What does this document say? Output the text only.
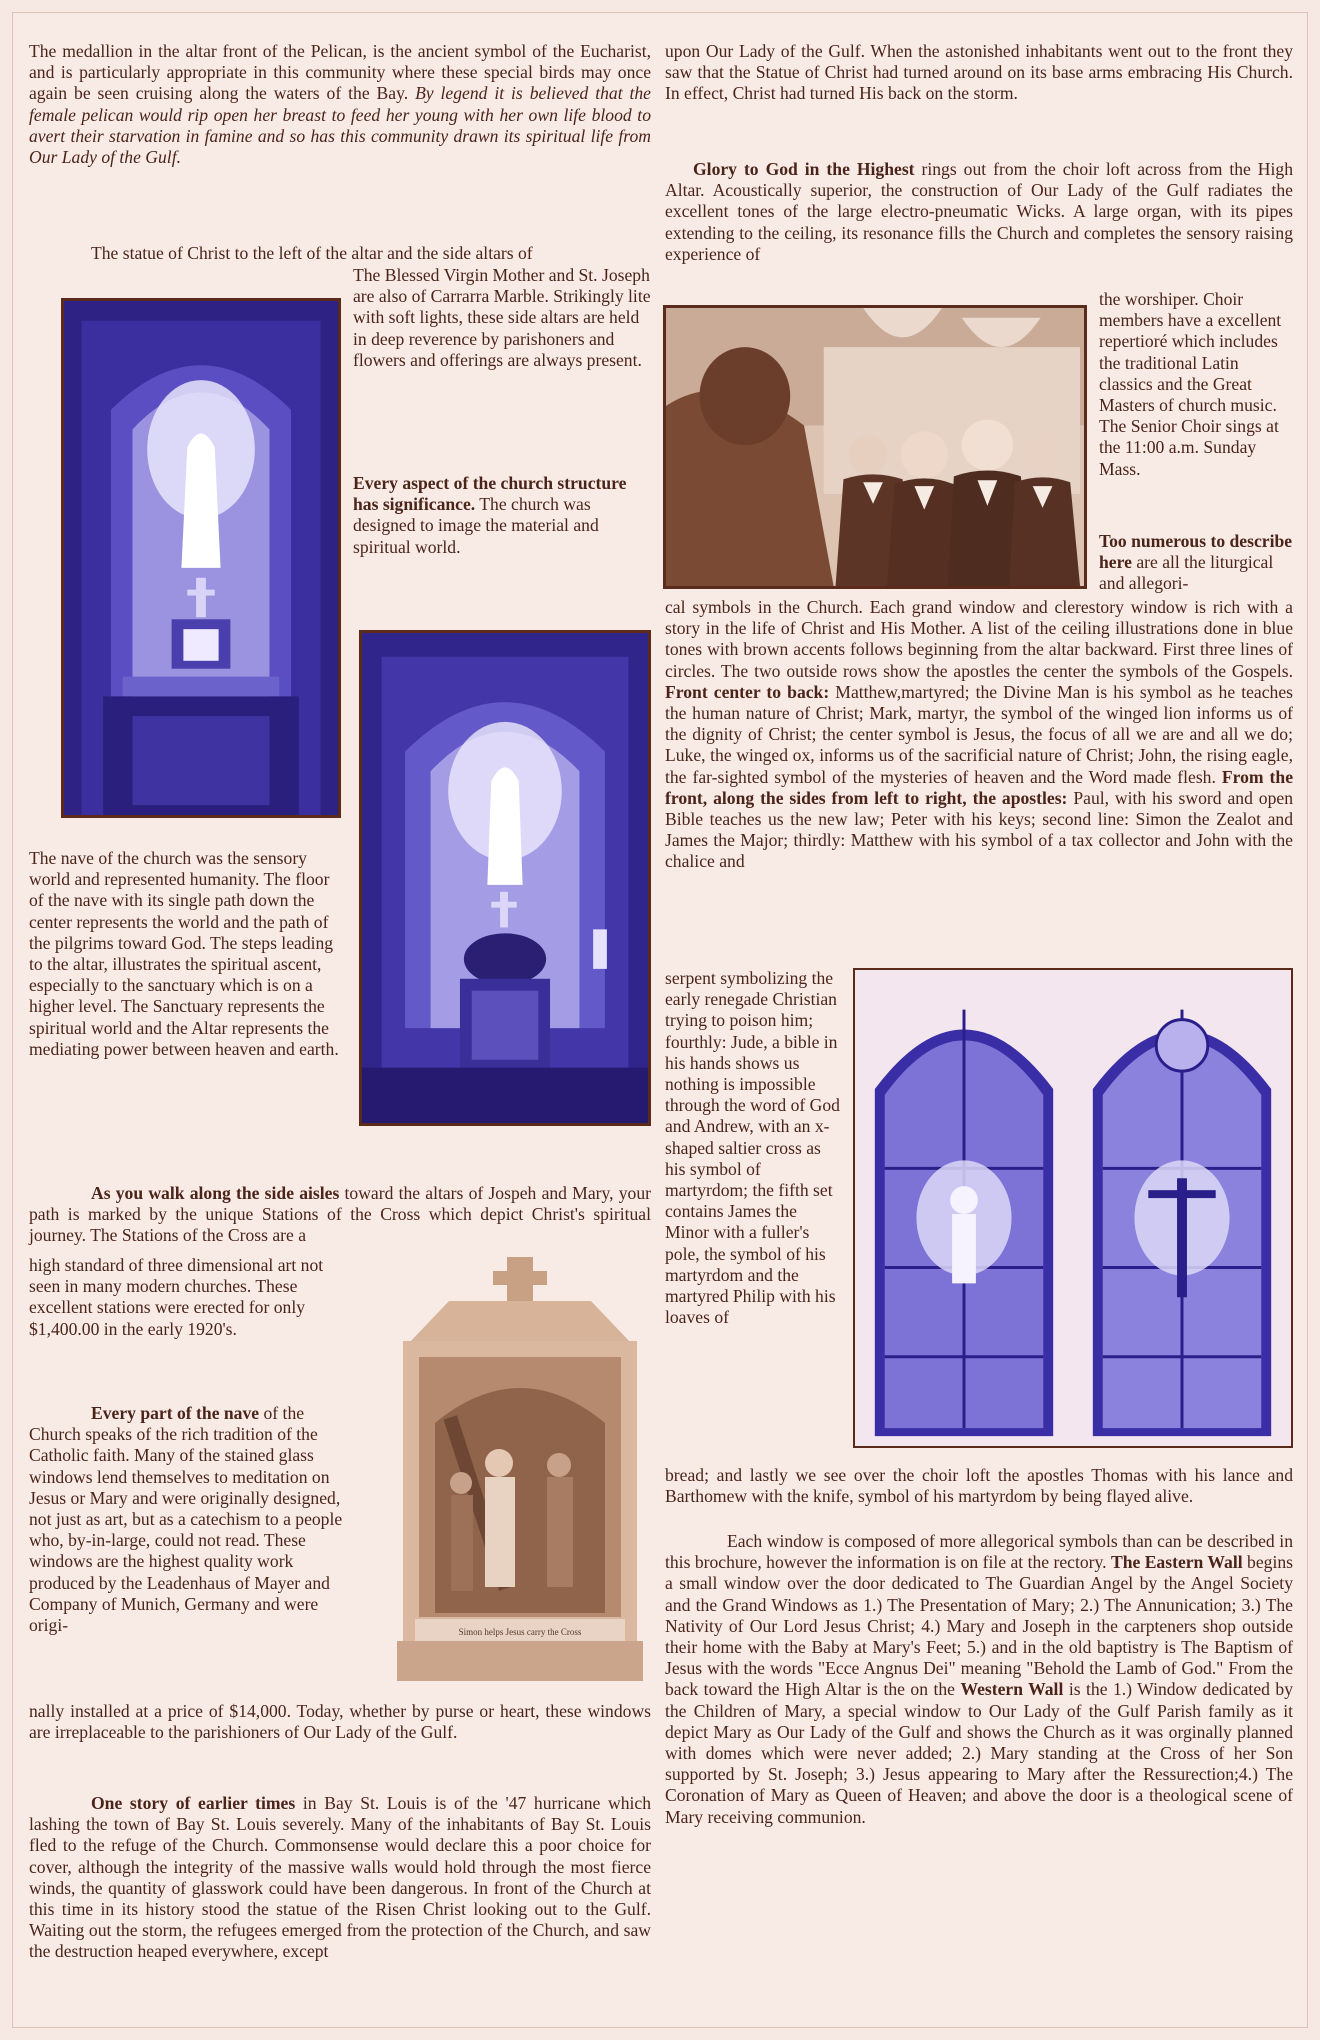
The medallion in the altar front of the Pelican, is the ancient symbol of the Eucharist, and is particularly appropriate in this community where these special birds may once again be seen cruising along the waters of the Bay. By legend it is believed that the female pelican would rip open her breast to feed her young with her own life blood to avert their starvation in famine and so has this community drawn its spiritual life from Our Lady of the Gulf.
The statue of Christ to the left of the altar and the side altars of
The Blessed Virgin Mother and St. Joseph are also of Carrarra Marble. Strikingly lite with soft lights, these side altars are held in deep reverence by parishoners and flowers and offerings are always present.
Every aspect of the church structure has significance. The church was designed to image the material and spiritual world.
The nave of the church was the sensory world and represented humanity. The floor of the nave with its single path down the center represents the world and the path of the pilgrims toward God. The steps leading to the altar, illustrates the spiritual ascent, especially to the sanctuary which is on a higher level. The Sanctuary represents the spiritual world and the Altar represents the mediating power between heaven and earth.
As you walk along the side aisles toward the altars of Jospeh and Mary, your path is marked by the unique Stations of the Cross which depict Christ's spiritual journey. The Stations of the Cross are a
high standard of three dimensional art not seen in many modern churches. These excellent stations were erected for only $1,400.00 in the early 1920's.
Every part of the nave of the Church speaks of the rich tradition of the Catholic faith. Many of the stained glass windows lend themselves to meditation on Jesus or Mary and were originally designed, not just as art, but as a catechism to a people who, by-in-large, could not read. These windows are the highest quality work produced by the Leadenhaus of Mayer and Company of Munich, Germany and were origi-	Simon helps Jesus carry the Cross
nally installed at a price of $14,000. Today, whether by purse or heart, these windows are irreplaceable to the parishioners of Our Lady of the Gulf.
One story of earlier times in Bay St. Louis is of the '47 hurricane which lashing the town of Bay St. Louis severely. Many of the inhabitants of Bay St. Louis fled to the refuge of the Church. Commonsense would declare this a poor choice for cover, although the integrity of the massive walls would hold through the most fierce winds, the quantity of glasswork could have been dangerous. In front of the Church at this time in its history stood the statue of the Risen Christ looking out to the Gulf. Waiting out the storm, the refugees emerged from the protection of the Church, and saw the destruction heaped everywhere, except
upon Our Lady of the Gulf. When the astonished inhabitants went out to the front they saw that the Statue of Christ had turned around on its base arms embracing His Church. In effect, Christ had turned His back on the storm.
Glory to God in the Highest rings out from the choir loft across from the High Altar. Acoustically superior, the construction of Our Lady of the Gulf radiates the excellent tones of the large electro-pneumatic Wicks. A large organ, with its pipes extending to the ceiling, its resonance fills the Church and completes the sensory raising experience of
the worshiper. Choir members have a excellent repertioré which includes the traditional Latin classics and the Great Masters of church music. The Senior Choir sings at the 11:00 a.m. Sunday Mass.
Too numerous to describe here are all the liturgical and allegori-
cal symbols in the Church. Each grand window and clerestory window is rich with a story in the life of Christ and His Mother. A list of the ceiling illustrations done in blue tones with brown accents follows beginning from the altar backward. First three lines of circles. The two outside rows show the apostles the center the symbols of the Gospels. Front center to back: Matthew,martyred; the Divine Man is his symbol as he teaches the human nature of Christ; Mark, martyr, the symbol of the winged lion informs us of the dignity of Christ; the center symbol is Jesus, the focus of all we are and all we do; Luke, the winged ox, informs us of the sacrificial nature of Christ; John, the rising eagle, the far-sighted symbol of the mysteries of heaven and the Word made flesh. From the front, along the sides from left to right, the apostles: Paul, with his sword and open Bible teaches us the new law; Peter with his keys; second line: Simon the Zealot and James the Major; thirdly: Matthew with his symbol of a tax collector and John with the chalice and
serpent symbolizing the early renegade Christian trying to poison him; fourthly: Jude, a bible in his hands shows us nothing is impossible through the word of God and Andrew, with an x-shaped saltier cross as his symbol of martyrdom; the fifth set contains James the Minor with a fuller's pole, the symbol of his martyrdom and the martyred Philip with his loaves of
bread; and lastly we see over the choir loft the apostles Thomas with his lance and Barthomew with the knife, symbol of his martyrdom by being flayed alive.
Each window is composed of more allegorical symbols than can be described in this brochure, however the information is on file at the rectory. The Eastern Wall begins a small window over the door dedicated to The Guardian Angel by the Angel Society and the Grand Windows as 1.) The Presentation of Mary; 2.) The Annunication; 3.) The Nativity of Our Lord Jesus Christ; 4.) Mary and Joseph in the carpteners shop outside their home with the Baby at Mary's Feet; 5.) and in the old baptistry is The Baptism of Jesus with the words "Ecce Angnus Dei" meaning "Behold the Lamb of God." From the back toward the High Altar is the on the Western Wall is the 1.) Window dedicated by the Children of Mary, a special window to Our Lady of the Gulf Parish family as it depict Mary as Our Lady of the Gulf and shows the Church as it was orginally planned with domes which were never added; 2.) Mary standing at the Cross of her Son supported by St. Joseph; 3.) Jesus appearing to Mary after the Ressurection;4.) The Coronation of Mary as Queen of Heaven; and above the door is a theological scene of Mary receiving communion.
